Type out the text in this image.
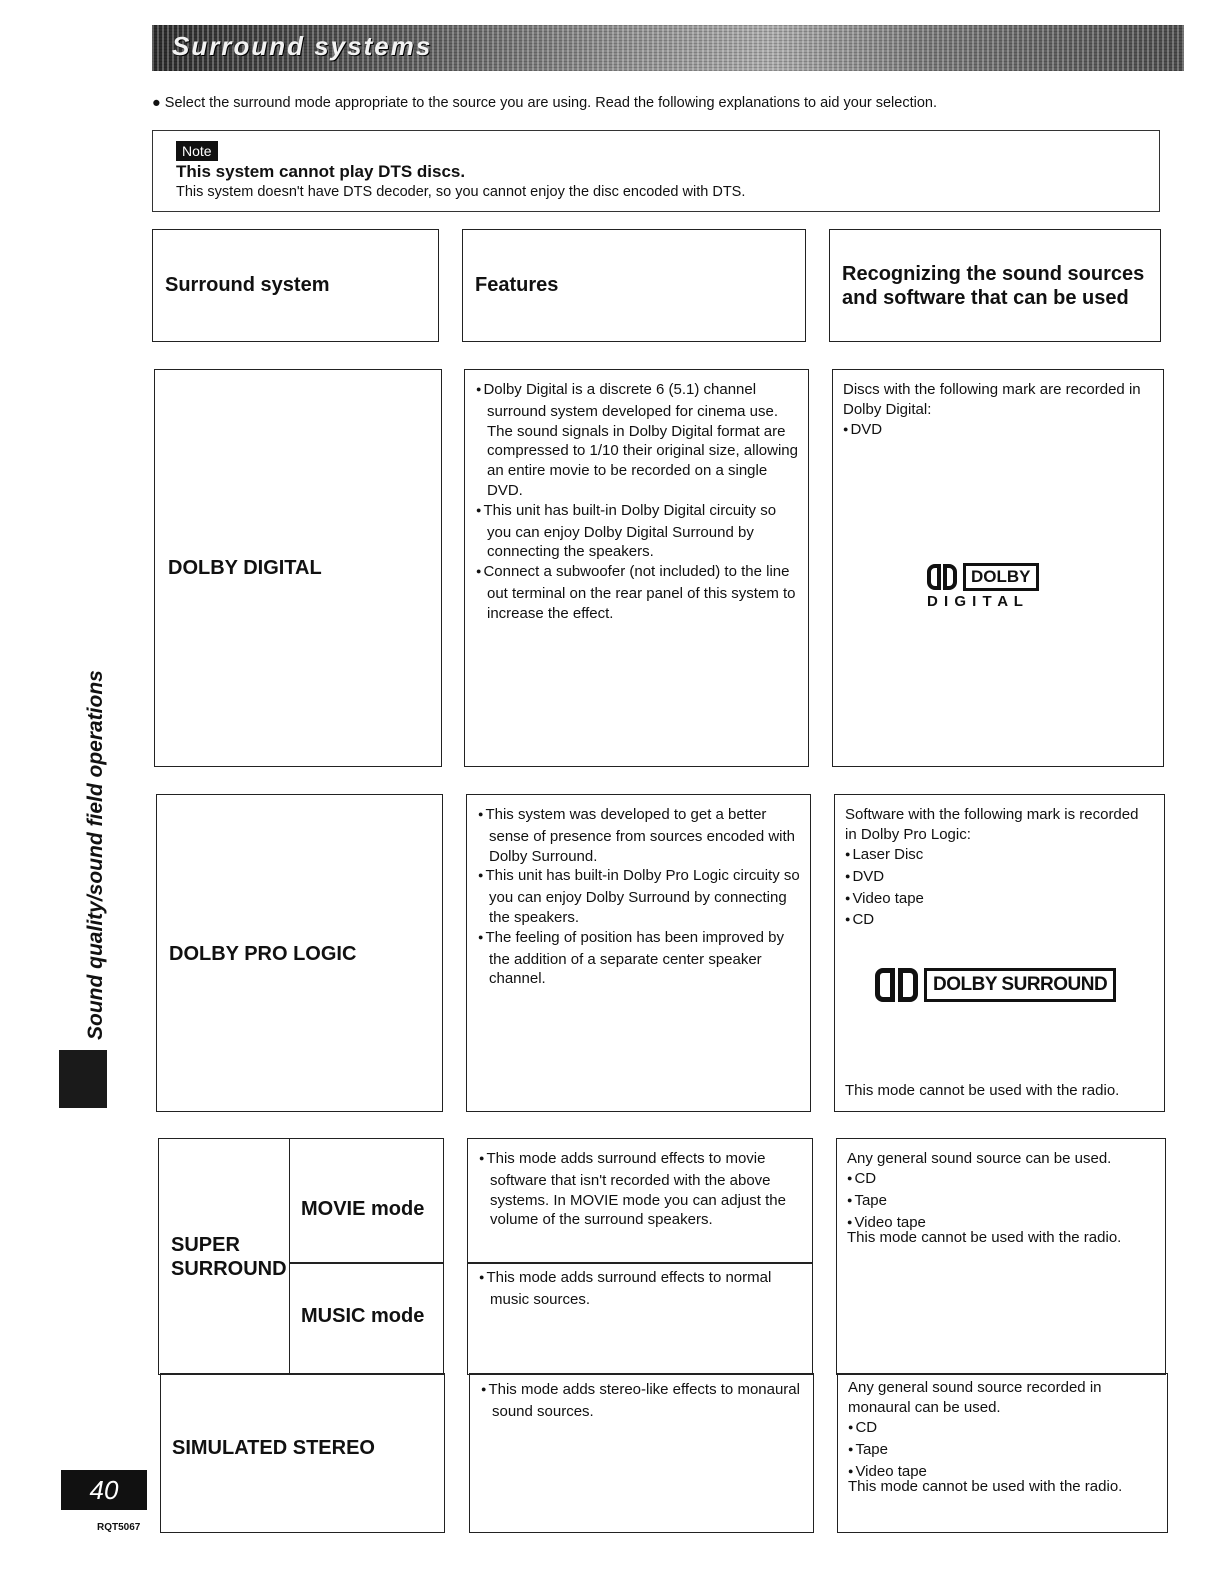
Surround systems
● Select the surround mode appropriate to the source you are using. Read the following explanations to aid your selection.
Note
This system cannot play DTS discs.
This system doesn't have DTS decoder, so you cannot enjoy the disc encoded with DTS.
Surround system	Features
Recognizing the sound sources and software that can be used
DOLBY DIGITAL
● Dolby Digital is a discrete 6 (5.1) channel surround system developed for cinema use. The sound signals in Dolby Digital format are compressed to 1/10 their original size, allowing an entire movie to be recorded on a single DVD.
● This unit has built-in Dolby Digital circuity so you can enjoy Dolby Digital Surround by connecting the speakers.
● Connect a subwoofer (not included) to the line out terminal on the rear panel of this system to increase the effect.
Discs with the following mark are recorded in Dolby Digital:
● DVD
DOLBY
D I G I T A L
DOLBY PRO LOGIC
● This system was developed to get a better sense of presence from sources encoded with Dolby Surround.
● This unit has built-in Dolby Pro Logic circuity so you can enjoy Dolby Surround by connecting the speakers.
● The feeling of position has been improved by the addition of a separate center speaker channel.
Software with the following mark is recorded in Dolby Pro Logic:
● Laser Disc
● DVD
● Video tape
● CD
DOLBY SURROUND
This mode cannot be used with the radio.
SUPER SURROUND
MOVIE mode
MUSIC mode
● This mode adds surround effects to movie software that isn't recorded with the above systems. In MOVIE mode you can adjust the volume of the surround speakers.
● This mode adds surround effects to normal music sources.
Any general sound source can be used.
● CD
● Tape
● Video tape
This mode cannot be used with the radio.
SIMULATED STEREO
● This mode adds stereo-like effects to monaural sound sources.
Any general sound source recorded in monaural can be used.
● CD
● Tape
● Video tape
This mode cannot be used with the radio.
Sound quality/sound field operations
40
RQT5067
